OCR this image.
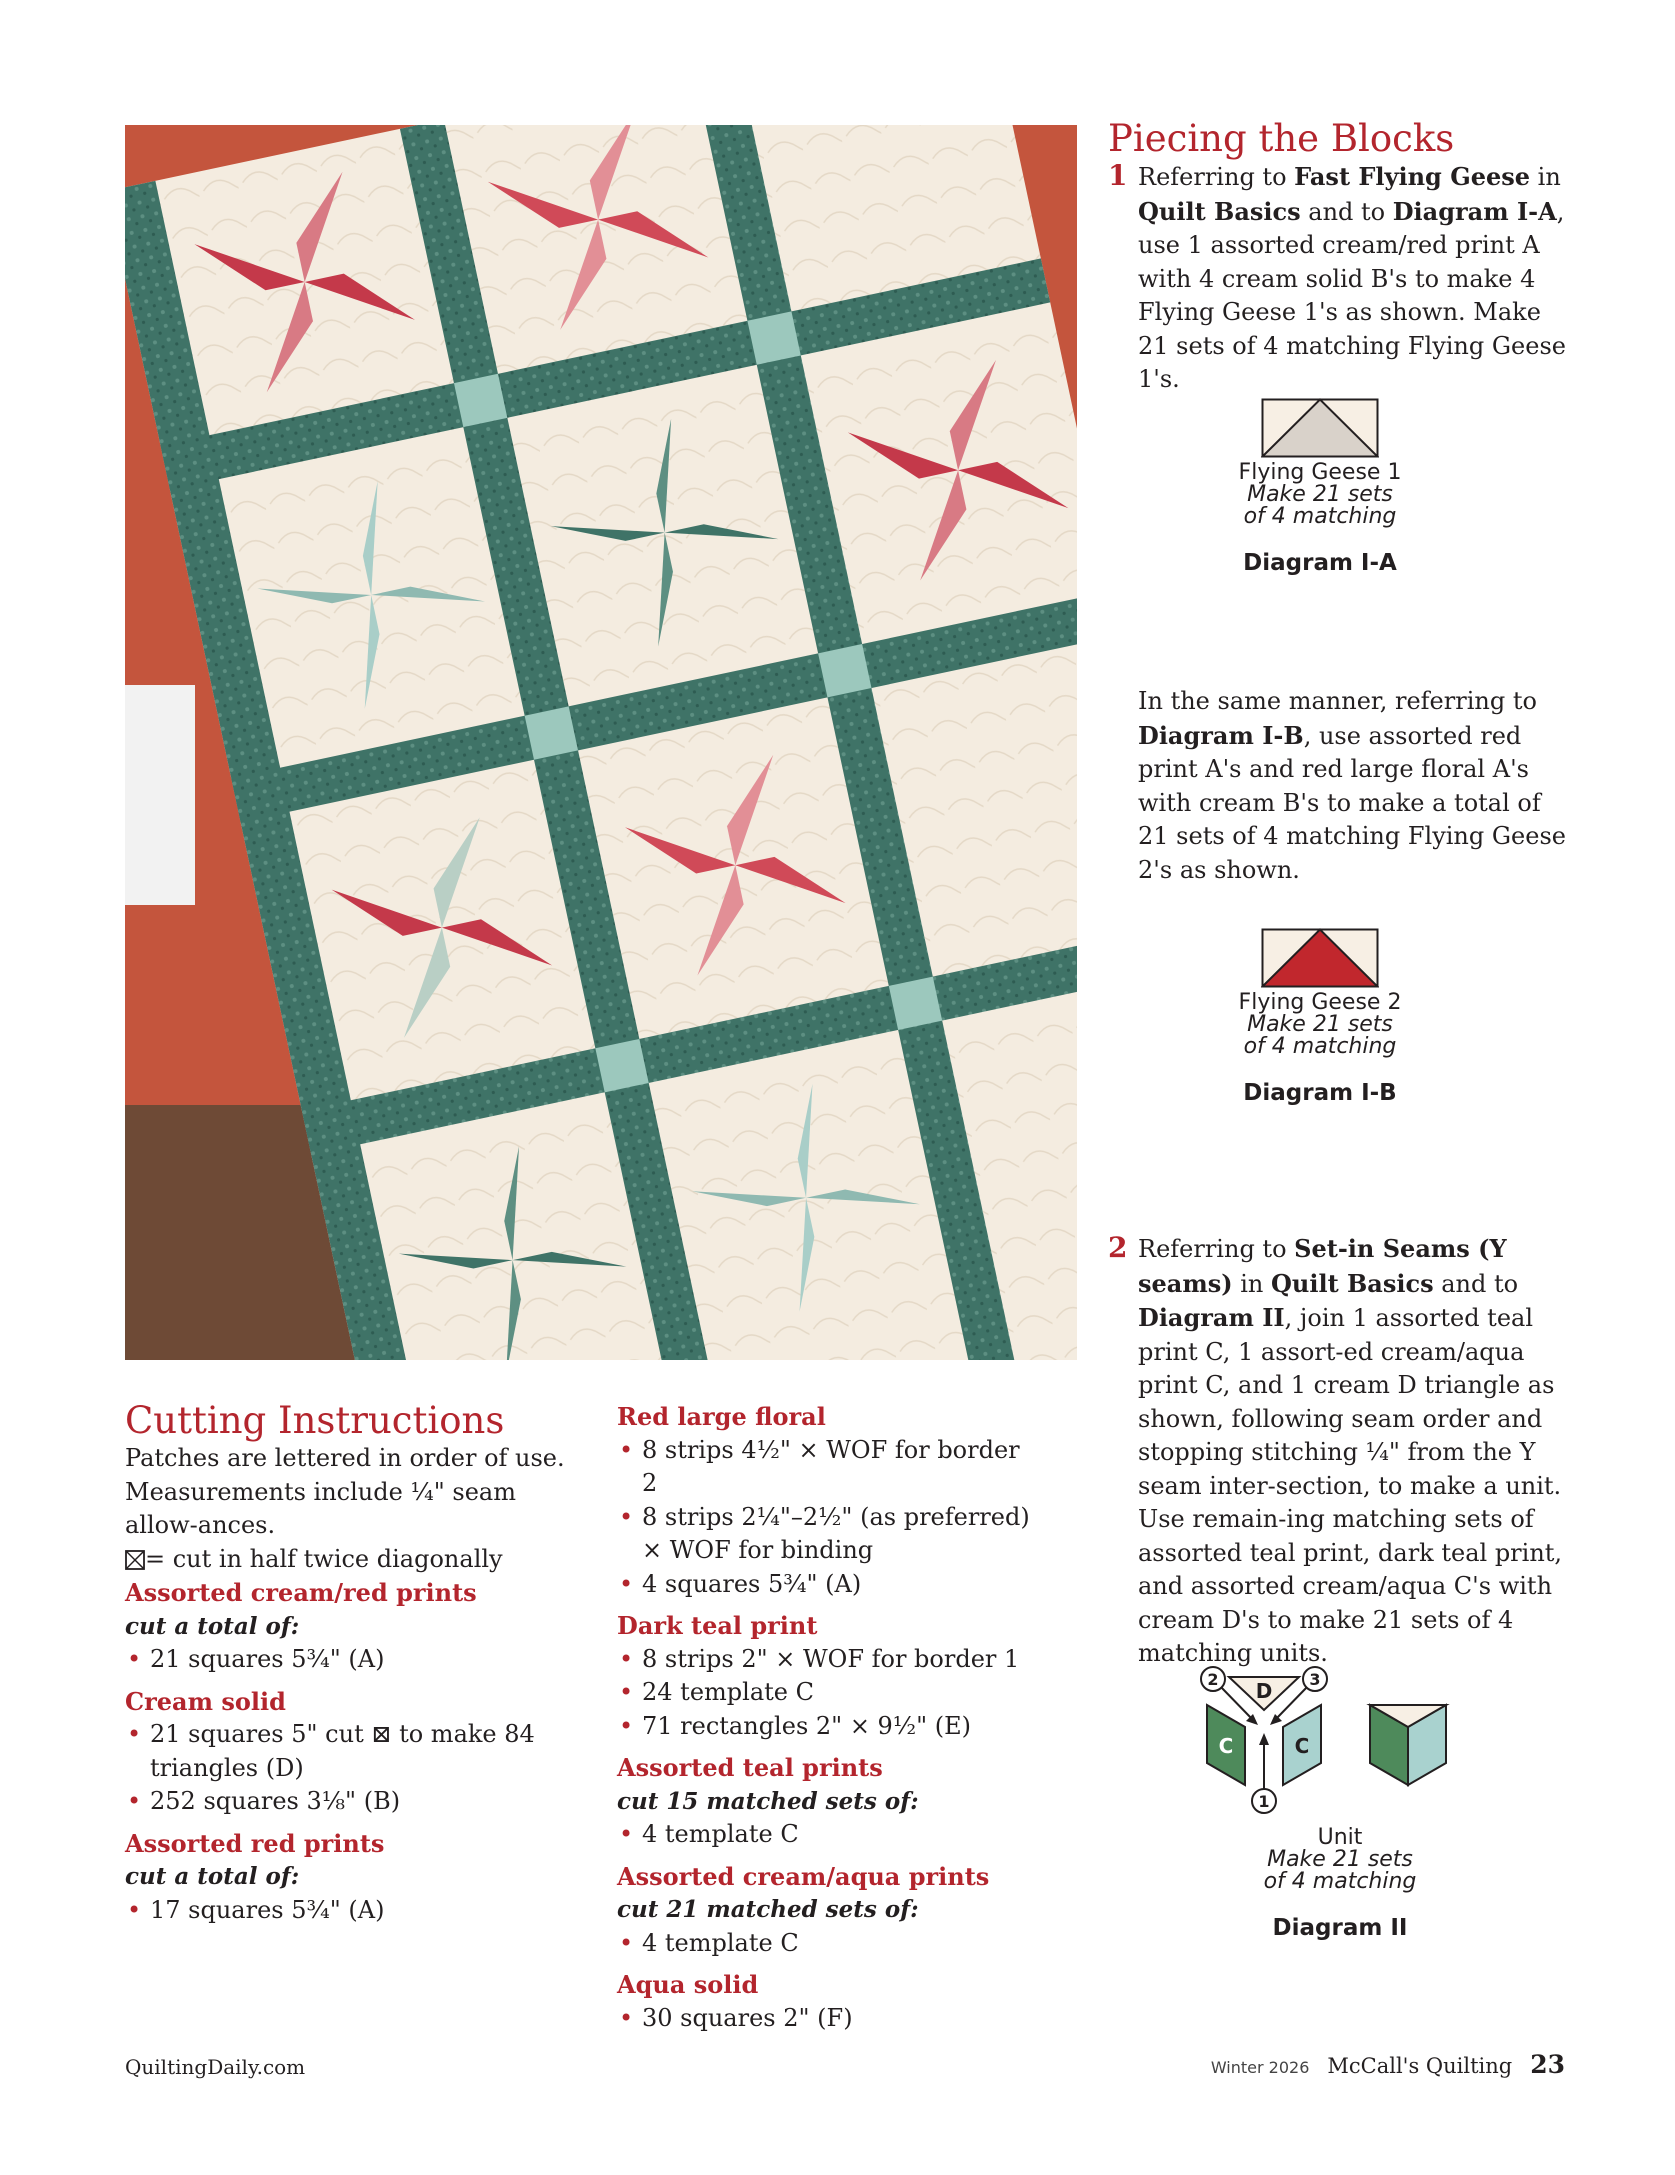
Piecing the Blocks
1 Referring to Fast Flying Geese in Quilt Basics and to Diagram I-A, use 1 assorted cream/red print A with 4 cream solid B's to make 4 Flying Geese 1's as shown. Make 21 sets of 4 matching Flying Geese 1's.
Flying Geese 1
Make 21 sets
of 4 matching
Diagram I-A
In the same manner, referring to Diagram I-B, use assorted red print A's and red large floral A's with cream B's to make a total of 21 sets of 4 matching Flying Geese 2's as shown.
Flying Geese 2
Make 21 sets
of 4 matching
Diagram I-B
2 Referring to Set-in Seams (Y seams) in Quilt Basics and to Diagram II, join 1 assorted teal print C, 1 assort-ed cream/aqua print C, and 1 cream D triangle as shown, following seam order and stopping stitching ¼" from the Y seam inter-section, to make a unit. Use remain-ing matching sets of assorted teal print, dark teal print, and assorted cream/aqua C's with cream D's to make 21 sets of 4 matching units.
D
C	C
2	3
1
Unit
Make 21 sets
of 4 matching
Diagram II
Cutting Instructions

Patches are lettered in order of use. Measurements include ¼" seam allow-ances.

= cut in half twice diagonally

Assorted cream/red prints
cut a total of:
• 21 squares 5¾" (A)
Cream solid
• 21 squares 5" cut ⊠ to make 84 triangles (D)
• 252 squares 3⅛" (B)
Assorted red prints
cut a total of:
• 17 squares 5¾" (A)
Red large floral
• 8 strips 4½" × WOF for border 2
• 8 strips 2¼"–2½" (as preferred) × WOF for binding
• 4 squares 5¾" (A)
Dark teal print
• 8 strips 2" × WOF for border 1
• 24 template C
• 71 rectangles 2" × 9½" (E)
Assorted teal prints
cut 15 matched sets of:
• 4 template C
Assorted cream/aqua prints
cut 21 matched sets of:
• 4 template C
Aqua solid
• 30 squares 2" (F)
QuiltingDaily.com	Winter 2026 McCall's Quilting 23
